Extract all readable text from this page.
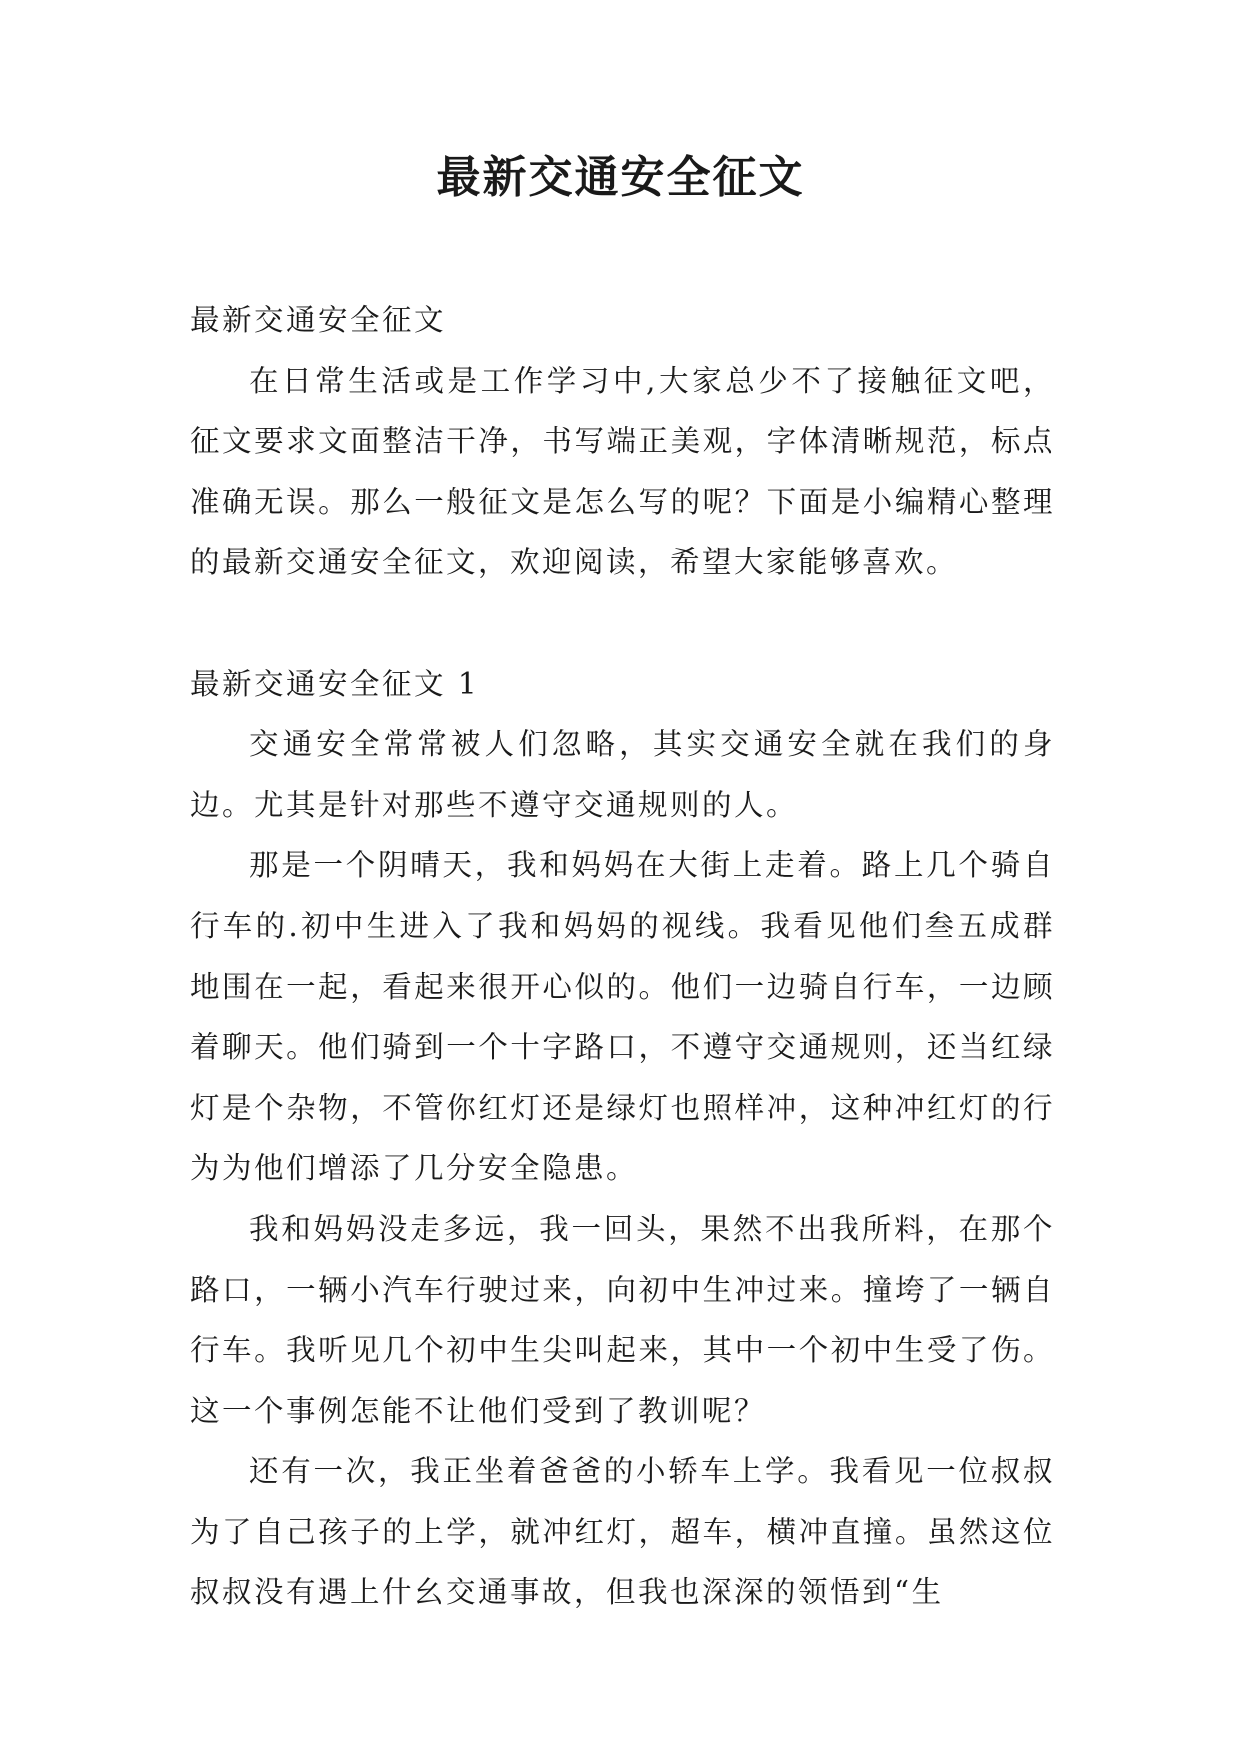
最新交通安全征文

最新交通安全征文

在日常生活或是工作学习中,大家总少不了接触征文吧，征文要求文面整洁干净，书写端正美观，字体清晰规范，标点准确无误。那么一般征文是怎么写的呢？下面是小编精心整理的最新交通安全征文，欢迎阅读，希望大家能够喜欢。

最新交通安全征文 1

交通安全常常被人们忽略，其实交通安全就在我们的身边。尤其是针对那些不遵守交通规则的人。

那是一个阴晴天，我和妈妈在大街上走着。路上几个骑自行车的.初中生进入了我和妈妈的视线。我看见他们叁五成群地围在一起，看起来很开心似的。他们一边骑自行车，一边顾着聊天。他们骑到一个十字路口，不遵守交通规则，还当红绿灯是个杂物，不管你红灯还是绿灯也照样冲，这种冲红灯的行为为他们增添了几分安全隐患。

我和妈妈没走多远，我一回头，果然不出我所料，在那个路口，一辆小汽车行驶过来，向初中生冲过来。撞垮了一辆自行车。我听见几个初中生尖叫起来，其中一个初中生受了伤。这一个事例怎能不让他们受到了教训呢？

还有一次，我正坐着爸爸的小轿车上学。我看见一位叔叔为了自己孩子的上学，就冲红灯，超车，横冲直撞。虽然这位叔叔没有遇上什幺交通事故，但我也深深的领悟到“生
